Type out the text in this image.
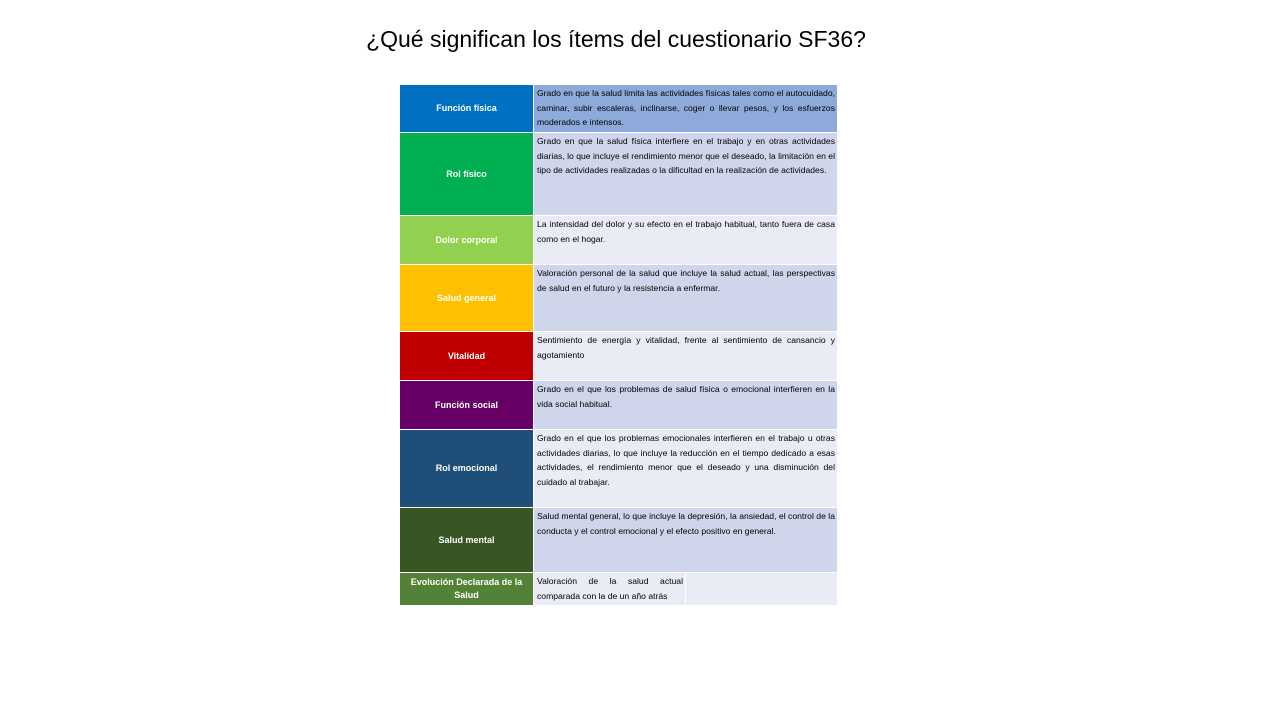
¿Qué significan los ítems del cuestionario SF36?
Función física	Grado en que la salud limita las actividades físicas tales como el autocuidado, caminar, subir escaleras, inclinarse, coger o llevar pesos, y los esfuerzos moderados e intensos.	
Rol físico	Grado en que la salud física interfiere en el trabajo y en otras actividades diarias, lo que incluye el rendimiento menor que el deseado, la limitación en el tipo de actividades realizadas o la dificultad en la realización de actividades.	
Dolor corporal	La intensidad del dolor y su efecto en el trabajo habitual, tanto fuera de casa como en el hogar.	
Salud general	Valoración personal de la salud que incluye la salud actual, las perspectivas de salud en el futuro y la resistencia a enfermar.	
Vitalidad	Sentimiento de energía y vitalidad, frente al sentimiento de cansancio y agotamiento	
Función social	Grado en el que los problemas de salud física o emocional interfieren en la vida social habitual.	
Rol emocional	Grado en el que los problemas emocionales interfieren en el trabajo u otras actividades diarias, lo que incluye la reducción en el tiempo dedicado a esas actividades, el rendimiento menor que el deseado y una disminución del cuidado al trabajar.	
Salud mental	Salud mental general, lo que incluye la depresión, la ansiedad, el control de la conducta y el control emocional y el efecto positivo en general.	
Evolución Declarada de la Salud	Valoración de la salud actual comparada con la de un año atrás	
